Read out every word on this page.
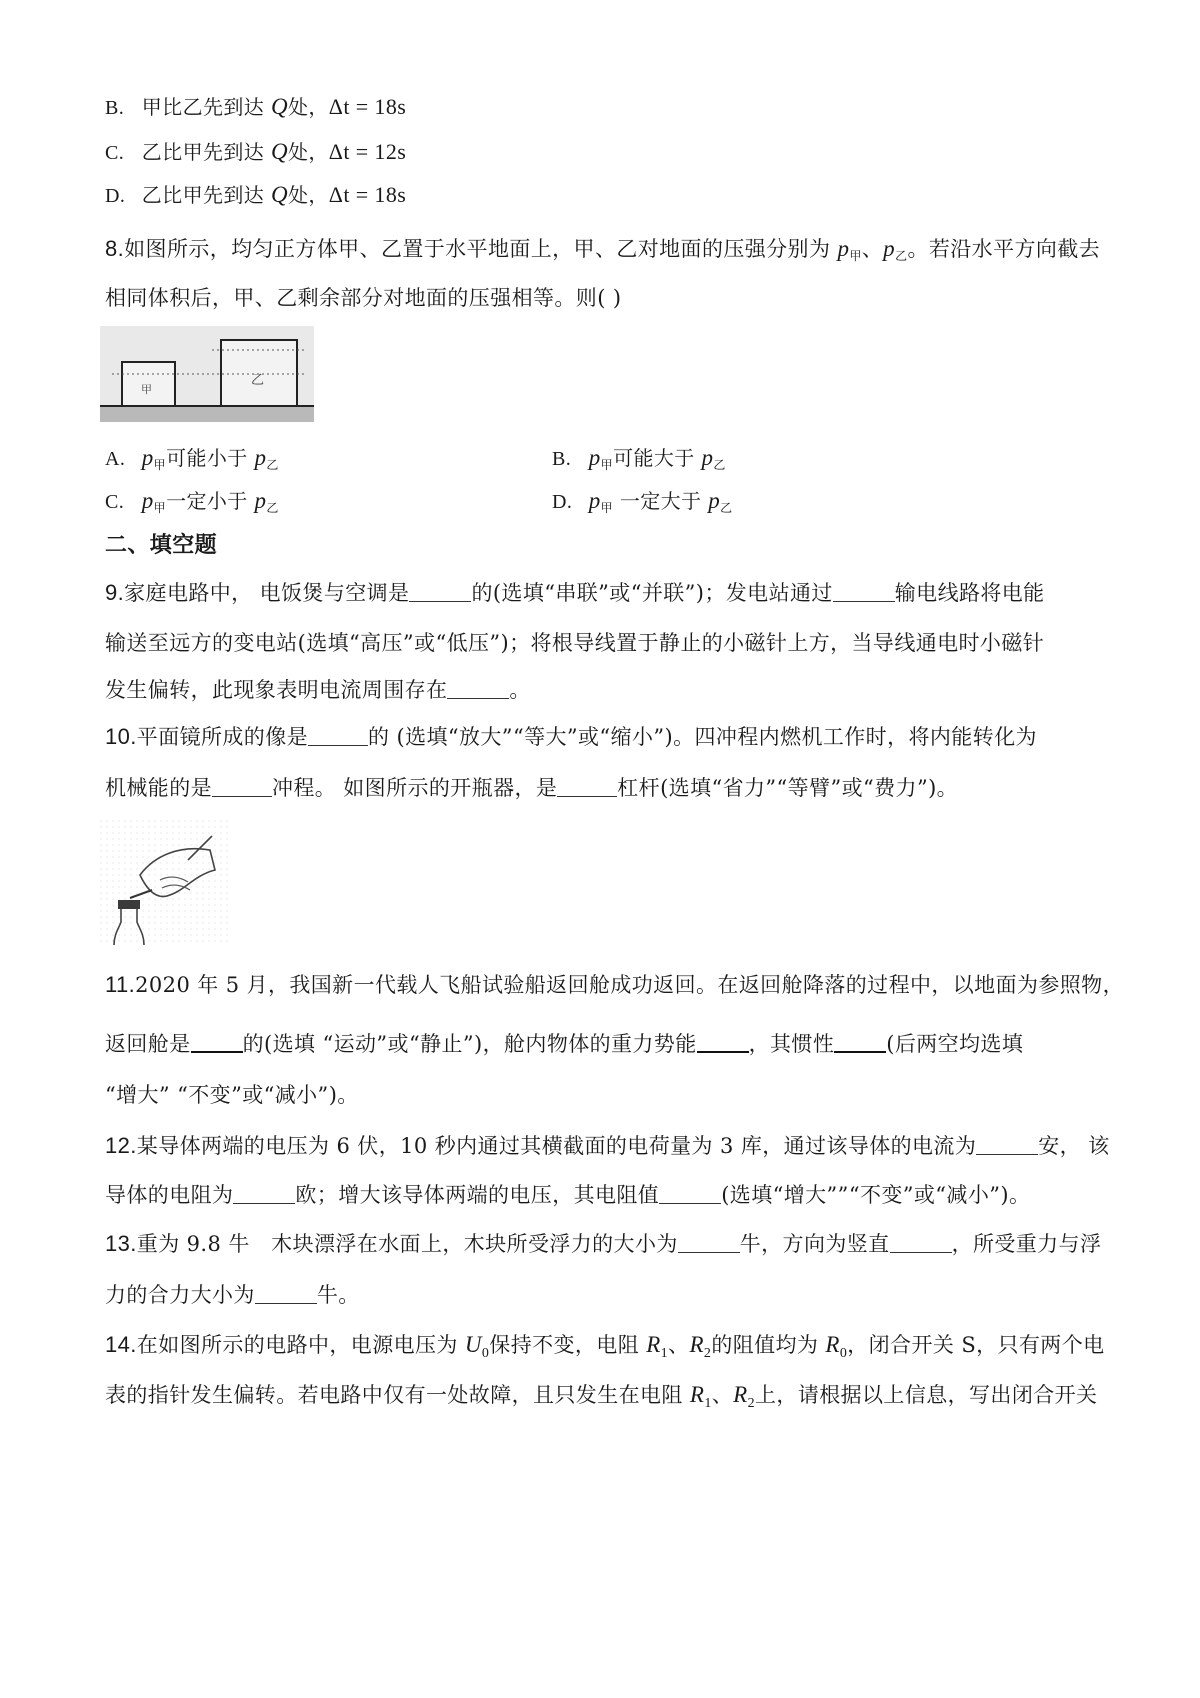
B. 甲比乙先到达 Q处，Δt = 18s
C. 乙比甲先到达 Q处，Δt = 12s
D. 乙比甲先到达 Q处，Δt = 18s
8.如图所示，均匀正方体甲、乙置于水平地面上，甲、乙对地面的压强分别为 $p_甲$、$p_乙$。若沿水平方向截去
相同体积后，甲、乙剩余部分对地面的压强相等。则( )
甲
乙
A. $p_甲$可能小于 $p_乙$	B. $p_甲$可能大于 $p_乙$
C. $p_甲$一定小于 $p_乙$	D. $p_甲$ 一定大于 $p_乙$
二、填空题
9.家庭电路中， 电饭煲与空调是	的(选填“串联”或“并联”)；发电站通过	输电线路将电能
输送至远方的变电站(选填“高压”或“低压”)；将根导线置于静止的小磁针上方，当导线通电时小磁针
发生偏转，此现象表明电流周围存在	。
10.平面镜所成的像是	的 (选填“放大”“等大”或“缩小”)。四冲程内燃机工作时，将内能转化为
机械能的是	冲程。 如图所示的开瓶器，是	杠杆(选填“省力”“等臂”或“费力”)。
11.2020 年 5 月，我国新一代载人飞船试验船返回舱成功返回。在返回舱降落的过程中，以地面为参照物，
返回舱是 的(选填 “运动”或“静止”)，舱内物体的重力势能 ，其惯性 (后两空均选填
“增大” “不变”或“减小”)。
12.某导体两端的电压为 6 伏，10 秒内通过其横截面的电荷量为 3 库，通过该导体的电流为	安， 该
导体的电阻为	欧；增大该导体两端的电压，其电阻值	(选填“增大””“不变”或“减小”)。
13.重为 9.8 牛　木块漂浮在水面上，木块所受浮力的大小为	牛，方向为竖直	，所受重力与浮
力的合力大小为	牛。
14.在如图所示的电路中，电源电压为 $U_0$保持不变，电阻 $R_1$、$R_2$的阻值均为 $R_0$，闭合开关 S，只有两个电
表的指针发生偏转。若电路中仅有一处故障，且只发生在电阻 $R_1$、$R_2$上，请根据以上信息，写出闭合开关
